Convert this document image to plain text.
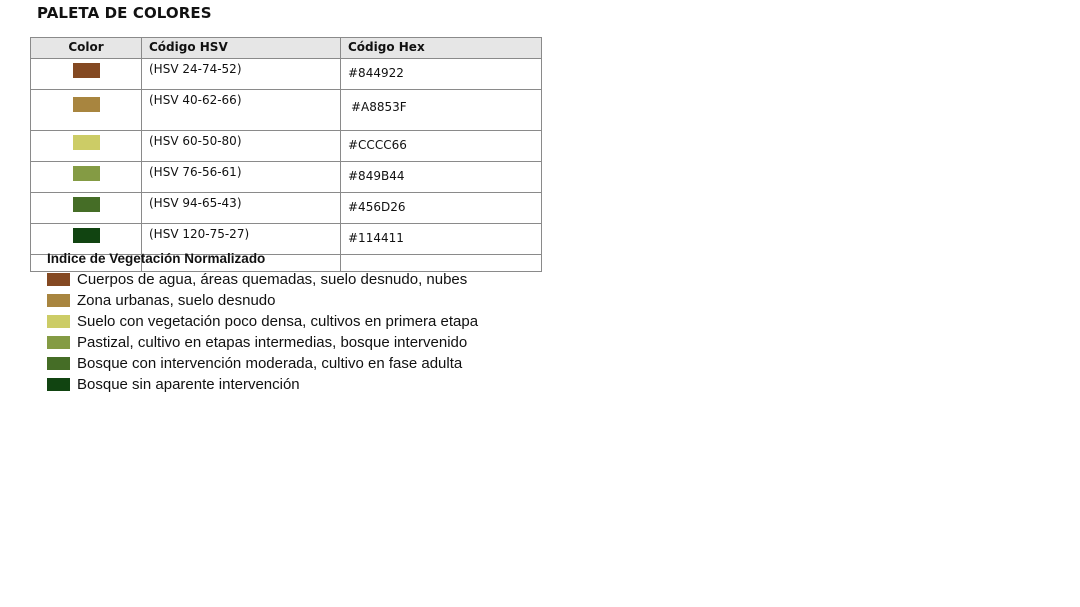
PALETA DE COLORES
Color	Código HSV	Código Hex
	(HSV 24-74-52)	#844922
	(HSV 40-62-66)	#A8853F
	(HSV 60-50-80)	#CCCC66
	(HSV 76-56-61)	#849B44
	(HSV 94-65-43)	#456D26
	(HSV 120-75-27)	#114411

Indice de Vegetación Normalizado
Cuerpos de agua, áreas quemadas, suelo desnudo, nubes
Zona urbanas, suelo desnudo
Suelo con vegetación poco densa, cultivos en primera etapa
Pastizal, cultivo en etapas intermedias, bosque intervenido
Bosque con intervención moderada, cultivo en fase adulta
Bosque sin aparente intervención
